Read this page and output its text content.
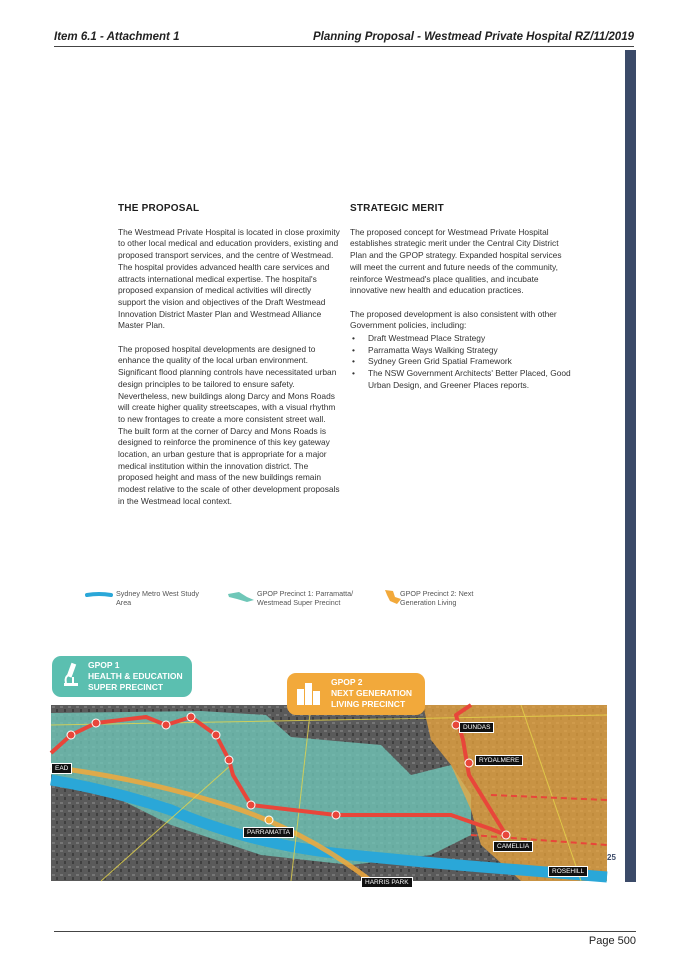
Item 6.1 - Attachment 1	Planning Proposal - Westmead Private Hospital RZ/11/2019
THE PROPOSAL

The Westmead Private Hospital is located in close proximity to other local medical and education providers, existing and proposed transport services, and the centre of Westmead. The hospital provides advanced health care services and attracts international medical expertise. The hospital's proposed expansion of medical activities will directly support the vision and objectives of the Draft Westmead Innovation District Master Plan and Westmead Alliance Master Plan.

The proposed hospital developments are designed to enhance the quality of the local urban environment. Significant flood planning controls have necessitated urban design principles to be tailored to ensure safety. Nevertheless, new buildings along Darcy and Mons Roads will create higher quality streetscapes, with a visual rhythm to new frontages to create a more consistent street wall. The built form at the corner of Darcy and Mons Roads is designed to reinforce the prominence of this key gateway location, an urban gesture that is appropriate for a major medical institution within the innovation district. The proposed height and mass of the new buildings remain modest relative to the scale of other development proposals in the Westmead local context.

STRATEGIC MERIT

The proposed concept for Westmead Private Hospital establishes strategic merit under the Central City District Plan and the GPOP strategy. Expanded hospital services will meet the current and future needs of the community, reinforce Westmead's place qualities, and incubate innovative new health and education practices.

The proposed development is also consistent with other Government policies, including:

• Draft Westmead Place Strategy
• Parramatta Ways Walking Strategy
• Sydney Green Grid Spatial Framework
• The NSW Government Architects' Better Placed, Good Urban Design, and Greener Places reports.
Sydney Metro West Study Area
GPOP Precinct 1: Parramatta/ Westmead Super Precinct
GPOP Precinct 2: Next Generation Living
GPOP 1
HEALTH & EDUCATION
SUPER PRECINCT	GPOP 2
NEXT GENERATION
LIVING PRECINCT
EAD
PARRAMATTA
DUNDAS
RYDALMERE
CAMELLIA
ROSEHILL
HARRIS PARK
25
Page 500
